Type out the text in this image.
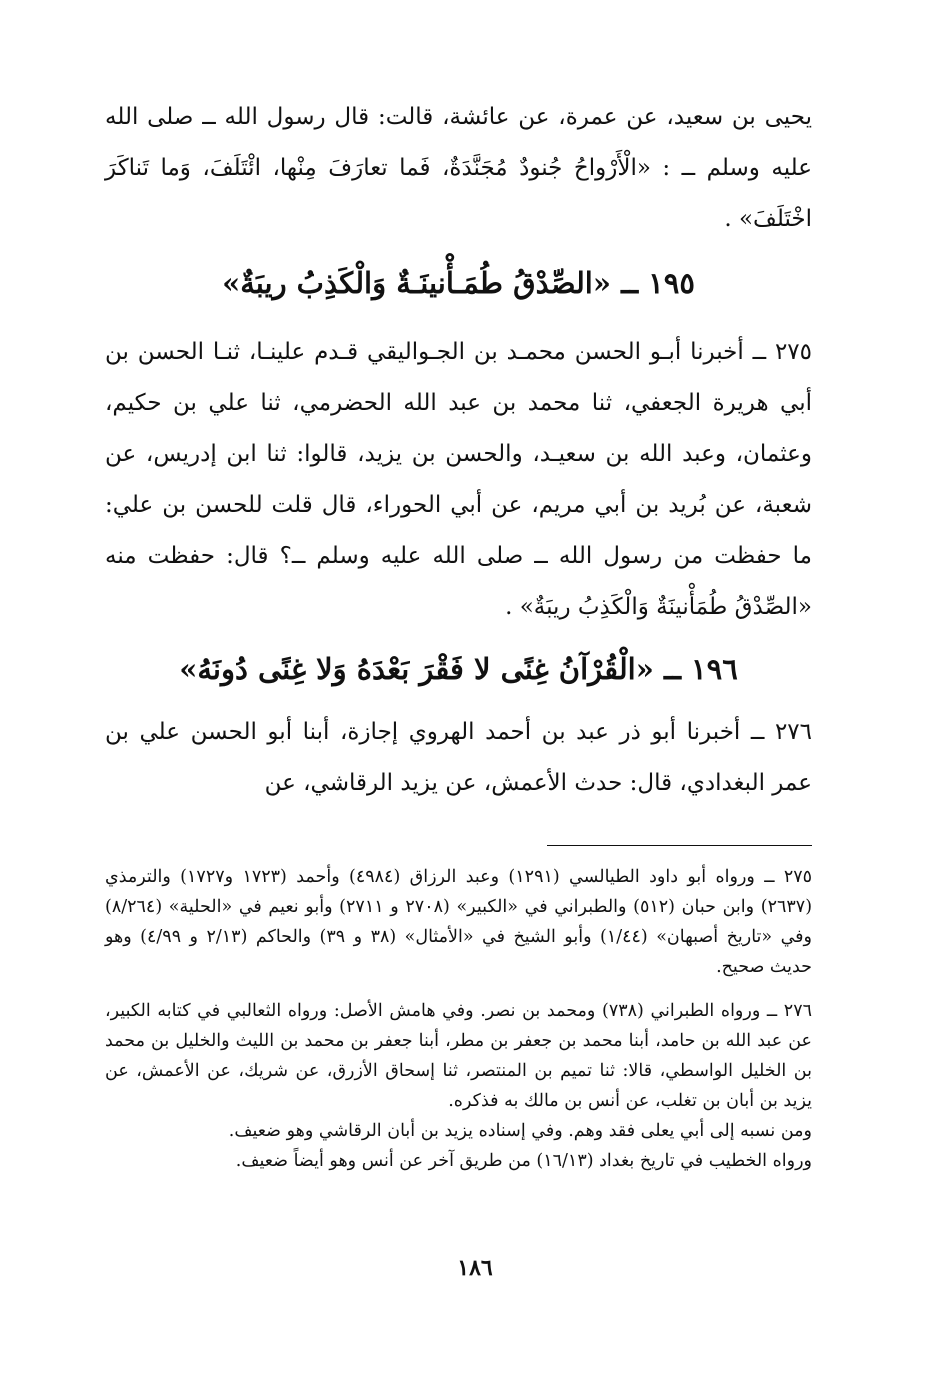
يحيى بن سعيد، عن عمرة، عن عائشة، قالت: قال رسول الله ــ صلى الله عليه وسلم ــ : «الْأَرْواحُ جُنودٌ مُجَنَّدَةٌ، فَما تعارَفَ مِنْها، ائْتَلَفَ، وَما تَناكَرَ اخْتَلَفَ» .

١٩٥ ــ «الصِّدْقُ طُمَـأْنينَـةٌ وَالْكَذِبُ ريبَةٌ»

٢٧٥ ــ أخبرنا أبـو الحسن محمـد بن الجـواليقي قـدم علينـا، ثنـا الحسن بن أبي هريرة الجعفي، ثنا محمد بن عبد الله الحضرمي، ثنا علي بن حكيم، وعثمان، وعبد الله بن سعيـد، والحسن بن يزيد، قالوا: ثنا ابن إدريس، عن شعبة، عن بُريد بن أبي مريم، عن أبي الحوراء، قال قلت للحسن بن علي: ما حفظت من رسول الله ــ صلى الله عليه وسلم ــ؟ قال: حفظت منه «الصِّدْقُ طُمَأْنينَةٌ وَالْكَذِبُ ريبَةٌ» .

١٩٦ ــ «الْقُرْآنُ غِنًى لا فَقْرَ بَعْدَهُ وَلا غِنًى دُونَهُ»

٢٧٦ ــ أخبرنا أبو ذر عبد بن أحمد الهروي إجازة، أبنا أبو الحسن علي بن عمر البغدادي، قال: حدث الأعمش، عن يزيد الرقاشي، عن

٢٧٥ ــ ورواه أبو داود الطيالسي (١٢٩١) وعبد الرزاق (٤٩٨٤) وأحمد (١٧٢٣ و١٧٢٧) والترمذي (٢٦٣٧) وابن حبان (٥١٢) والطبراني في «الكبير» (٢٧٠٨ و ٢٧١١) وأبو نعيم في «الحلية» (٨/٢٦٤) وفي «تاريخ أصبهان» (١/٤٤) وأبو الشيخ في «الأمثال» (٣٨ و ٣٩) والحاكم (٢/١٣ و ٤/٩٩) وهو حديث صحيح.

٢٧٦ ــ ورواه الطبراني (٧٣٨) ومحمد بن نصر. وفي هامش الأصل: ورواه الثعالبي في كتابه الكبير، عن عبد الله بن حامد، أبنا محمد بن جعفر بن مطر، أبنا جعفر بن محمد بن الليث والخليل بن محمد بن الخليل الواسطي، قالا: ثنا تميم بن المنتصر، ثنا إسحاق الأزرق، عن شريك، عن الأعمش، عن يزيد بن أبان بن تغلب، عن أنس بن مالك به فذكره.
ومن نسبه إلى أبي يعلى فقد وهم. وفي إسناده يزيد بن أبان الرقاشي وهو ضعيف.
ورواه الخطيب في تاريخ بغداد (١٦/١٣) من طريق آخر عن أنس وهو أيضاً ضعيف.

١٨٦
